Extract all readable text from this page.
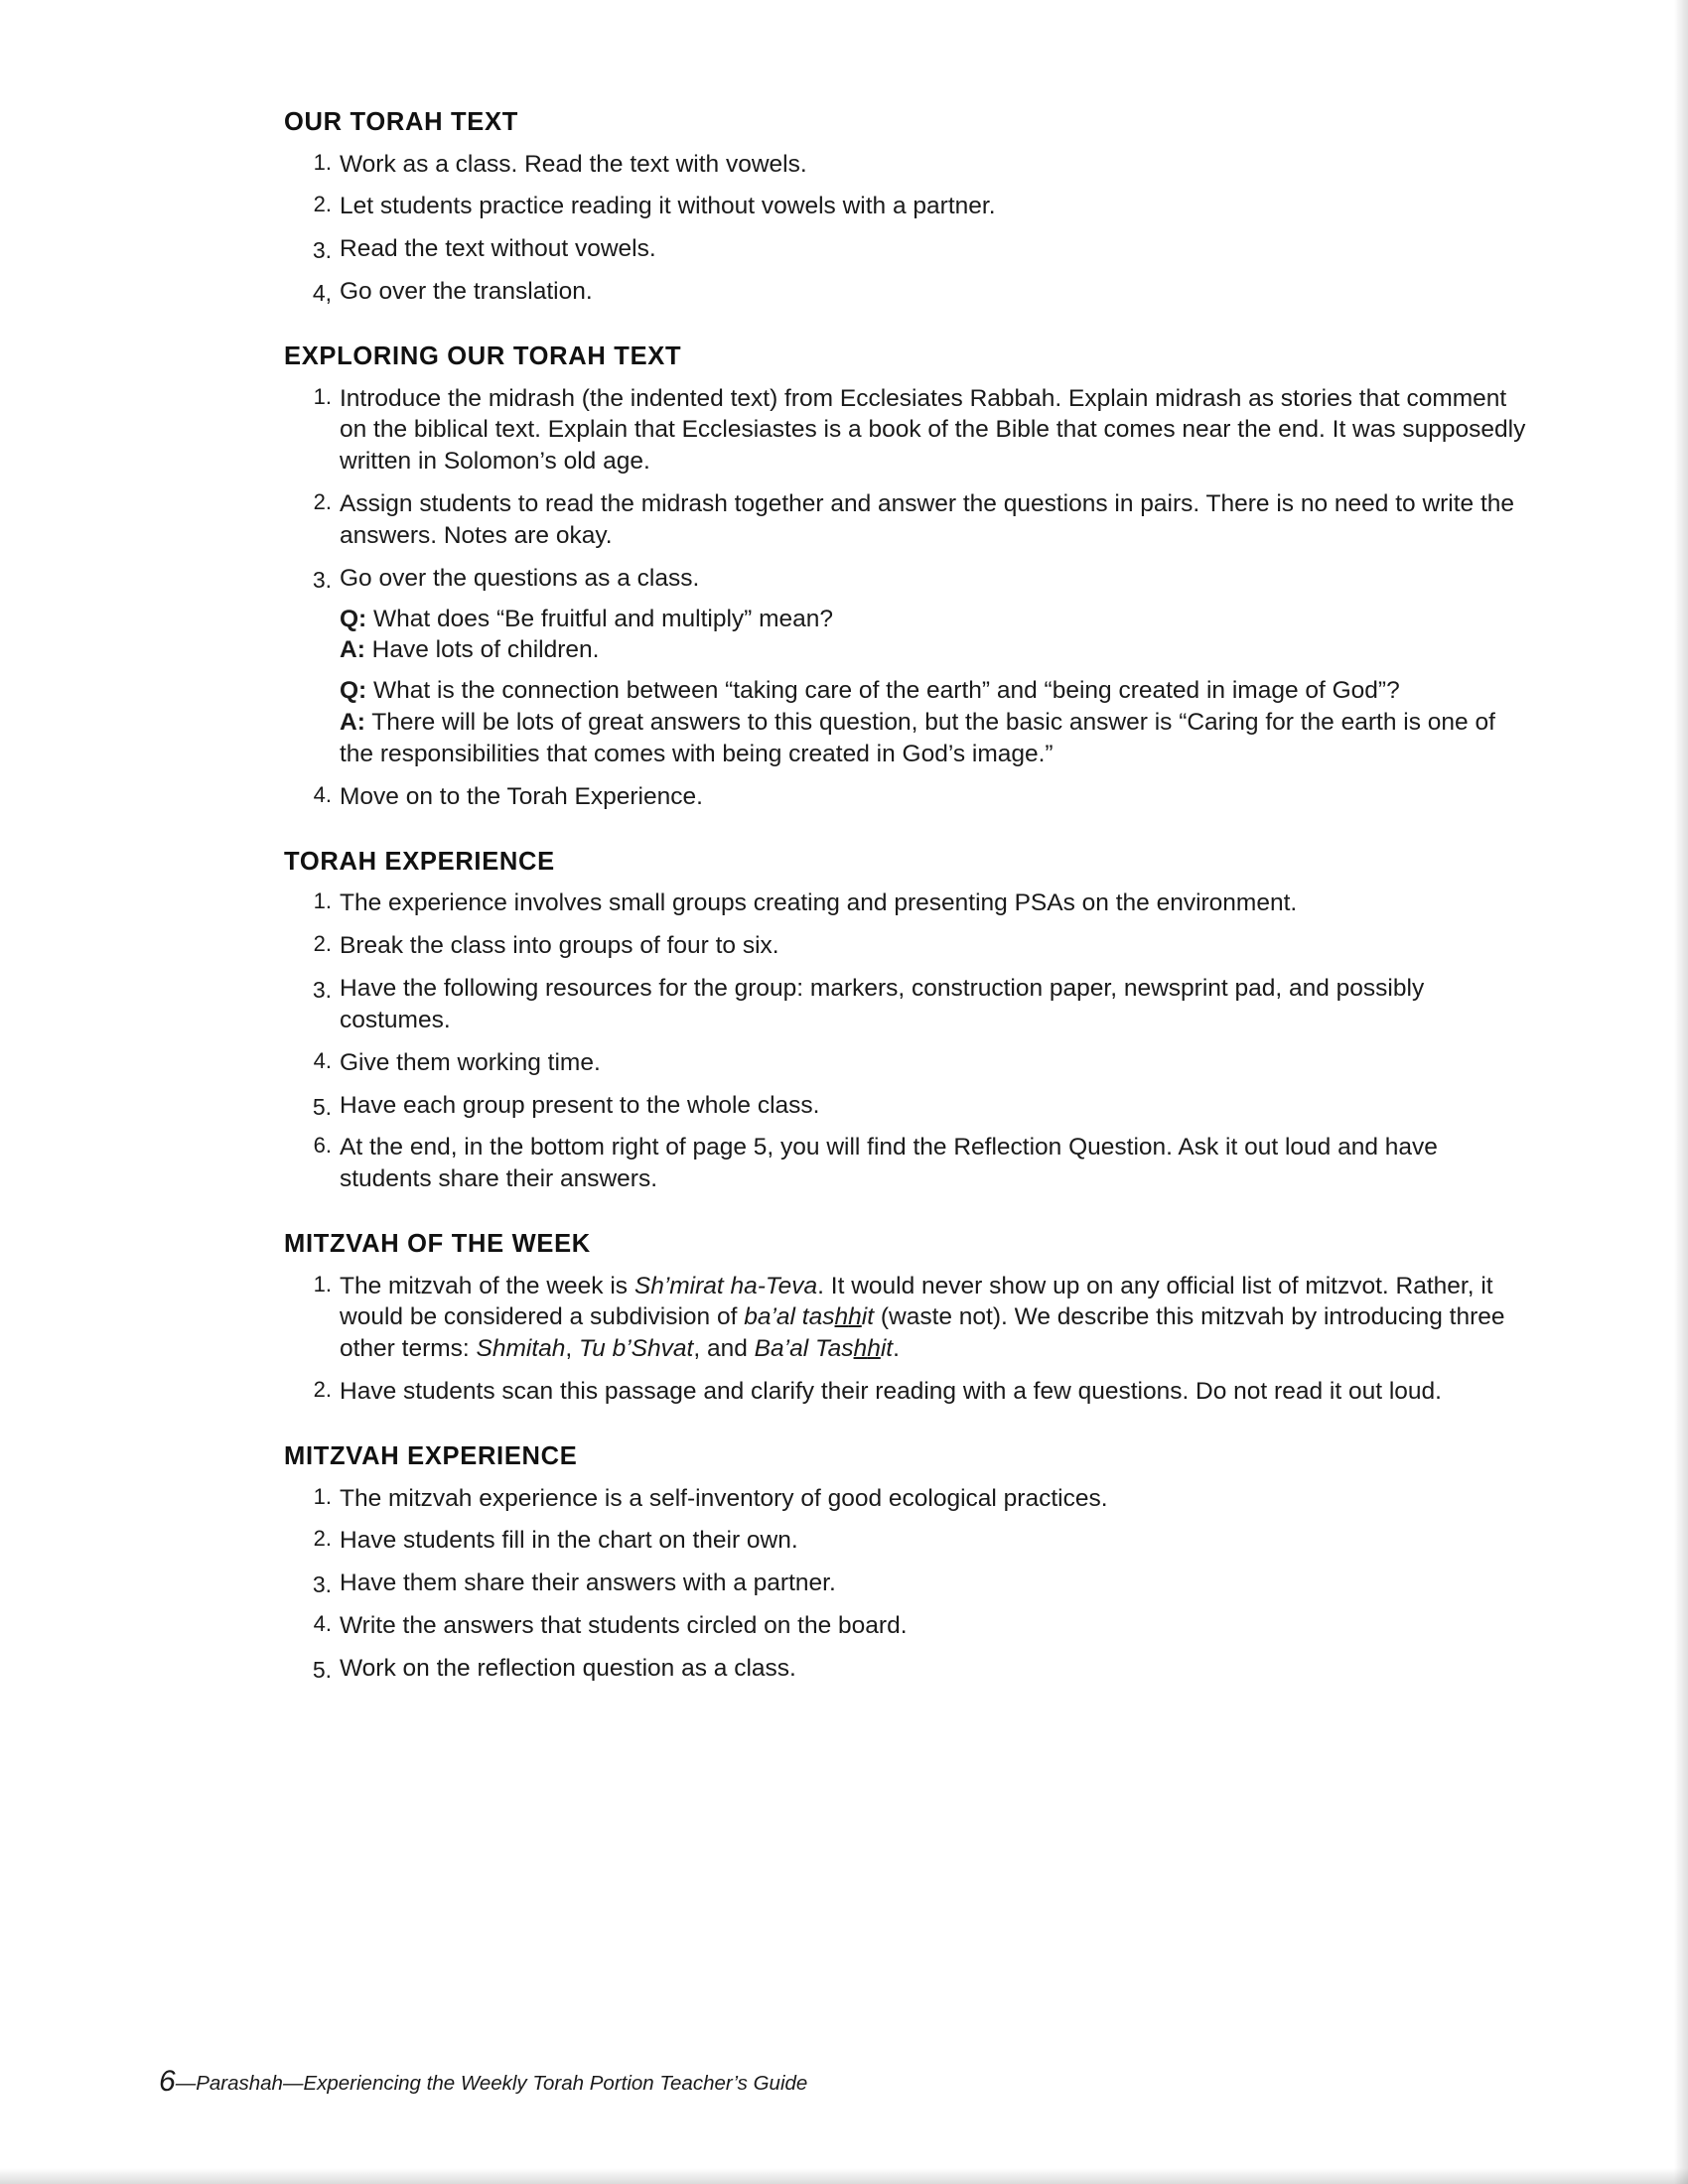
OUR TORAH TEXT
1. Work as a class. Read the text with vowels.
2. Let students practice reading it without vowels with a partner.
3. Read the text without vowels.
4, Go over the translation.
EXPLORING OUR TORAH TEXT
1. Introduce the midrash (the indented text) from Ecclesiates Rabbah. Explain midrash as stories that comment on the biblical text. Explain that Ecclesiastes is a book of the Bible that comes near the end. It was supposedly written in Solomon’s old age.
2. Assign students to read the midrash together and answer the questions in pairs. There is no need to write the answers. Notes are okay.
3. Go over the questions as a class.
Q: What does “Be fruitful and multiply” mean?
A: Have lots of children.
Q: What is the connection between “taking care of the earth” and “being created in image of God”?
A: There will be lots of great answers to this question, but the basic answer is “Caring for the earth is one of the responsibilities that comes with being created in God’s image.”
4. Move on to the Torah Experience.
TORAH EXPERIENCE
1. The experience involves small groups creating and presenting PSAs on the environment.
2. Break the class into groups of four to six.
3. Have the following resources for the group: markers, construction paper, newsprint pad, and possibly costumes.
4. Give them working time.
5. Have each group present to the whole class.
6. At the end, in the bottom right of page 5, you will find the Reflection Question. Ask it out loud and have students share their answers.
MITZVAH OF THE WEEK
1. The mitzvah of the week is Sh’mirat ha-Teva. It would never show up on any official list of mitzvot. Rather, it would be considered a subdivision of ba’al tashhit (waste not). We describe this mitzvah by introducing three other terms: Shmitah, Tu b’Shvat, and Ba’al Tashhit.
2. Have students scan this passage and clarify their reading with a few questions. Do not read it out loud.
MITZVAH EXPERIENCE
1. The mitzvah experience is a self-inventory of good ecological practices.
2. Have students fill in the chart on their own.
3. Have them share their answers with a partner.
4. Write the answers that students circled on the board.
5. Work on the reflection question as a class.
6—Parashah—Experiencing the Weekly Torah Portion Teacher’s Guide
